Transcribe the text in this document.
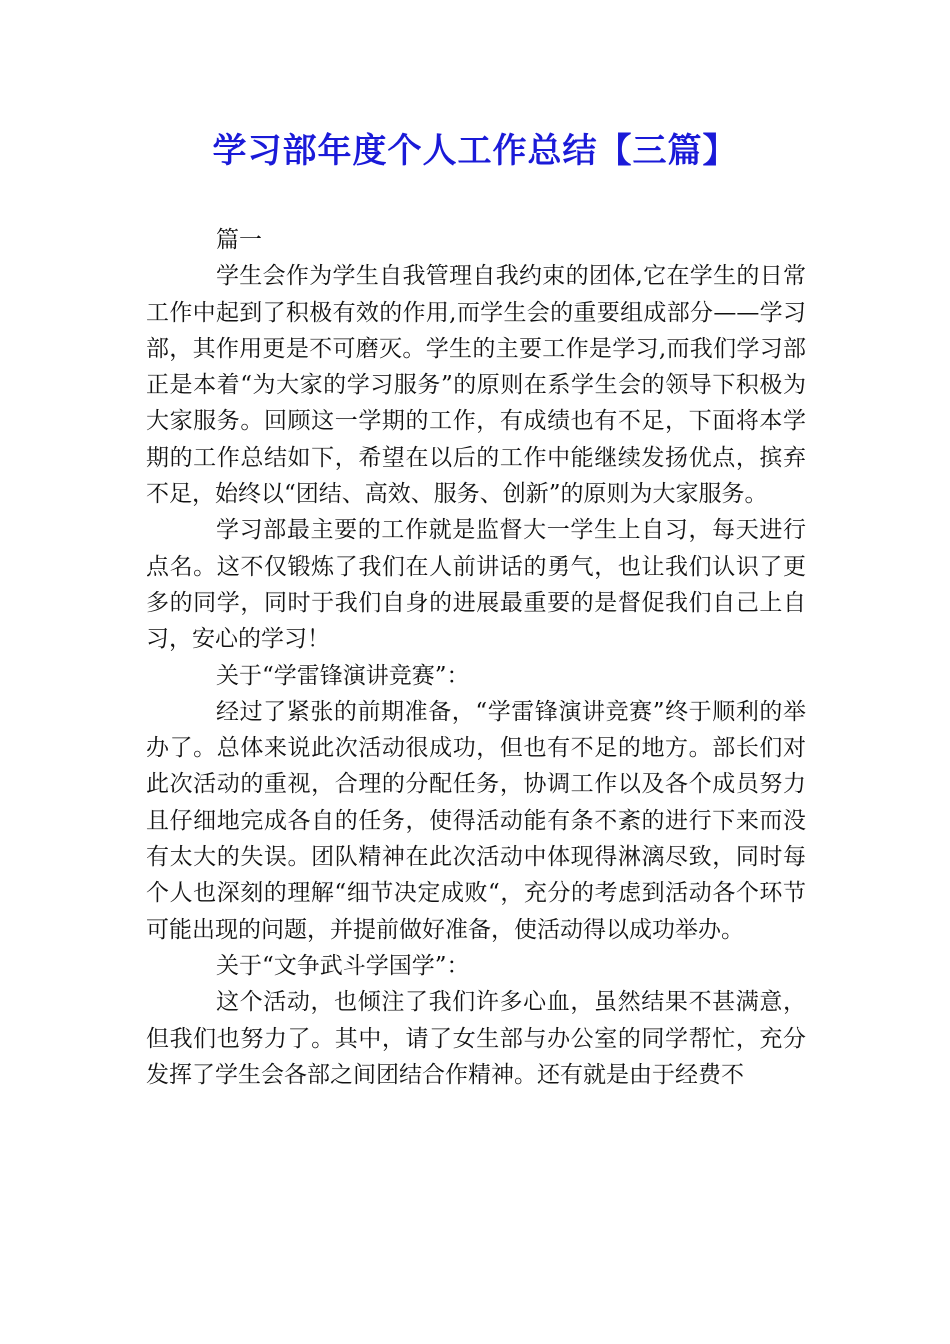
学习部年度个人工作总结【三篇】

篇一

学生会作为学生自我管理自我约束的团体,它在学生的日常工作中起到了积极有效的作用,而学生会的重要组成部分——学习部，其作用更是不可磨灭。学生的主要工作是学习,而我们学习部正是本着“为大家的学习服务”的原则在系学生会的领导下积极为大家服务。回顾这一学期的工作，有成绩也有不足，下面将本学期的工作总结如下，希望在以后的工作中能继续发扬优点，摈弃不足，始终以“团结、高效、服务、创新”的原则为大家服务。

学习部最主要的工作就是监督大一学生上自习，每天进行点名。这不仅锻炼了我们在人前讲话的勇气，也让我们认识了更多的同学，同时于我们自身的进展最重要的是督促我们自己上自习，安心的学习！

关于“学雷锋演讲竞赛”：

经过了紧张的前期准备，“学雷锋演讲竞赛”终于顺利的举办了。总体来说此次活动很成功，但也有不足的地方。部长们对此次活动的重视，合理的分配任务，协调工作以及各个成员努力且仔细地完成各自的任务，使得活动能有条不紊的进行下来而没有太大的失误。团队精神在此次活动中体现得淋漓尽致，同时每个人也深刻的理解“细节决定成败“，充分的考虑到活动各个环节可能出现的问题，并提前做好准备，使活动得以成功举办。

关于“文争武斗学国学”：

这个活动，也倾注了我们许多心血，虽然结果不甚满意，但我们也努力了。其中，请了女生部与办公室的同学帮忙，充分发挥了学生会各部之间团结合作精神。还有就是由于经费不
